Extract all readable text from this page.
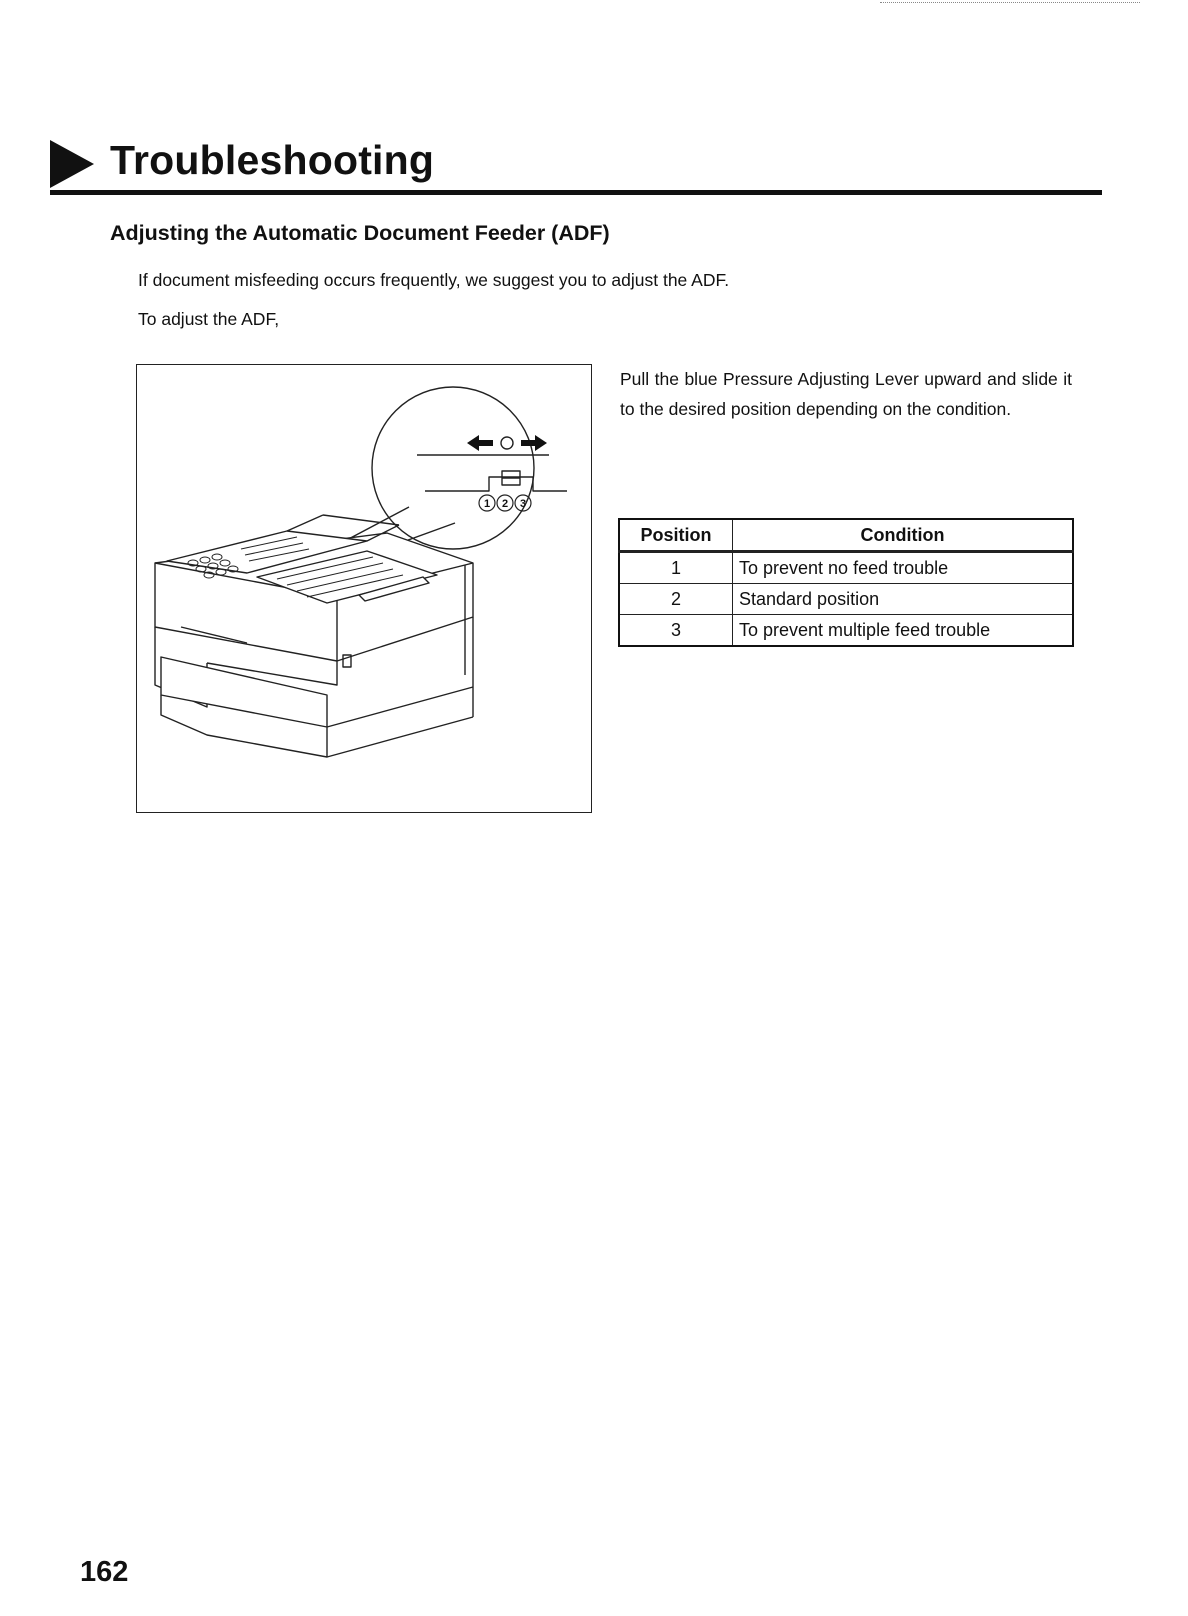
Troubleshooting
Adjusting the Automatic Document Feeder (ADF)
If document misfeeding occurs frequently, we suggest you to adjust the ADF.
To adjust the ADF,
1 2 3
Pull the blue Pressure Adjusting Lever upward and slide it to the desired position depending on the condition.
Position	Condition
1	To prevent no feed trouble
2	Standard position
3	To prevent multiple feed trouble
162
